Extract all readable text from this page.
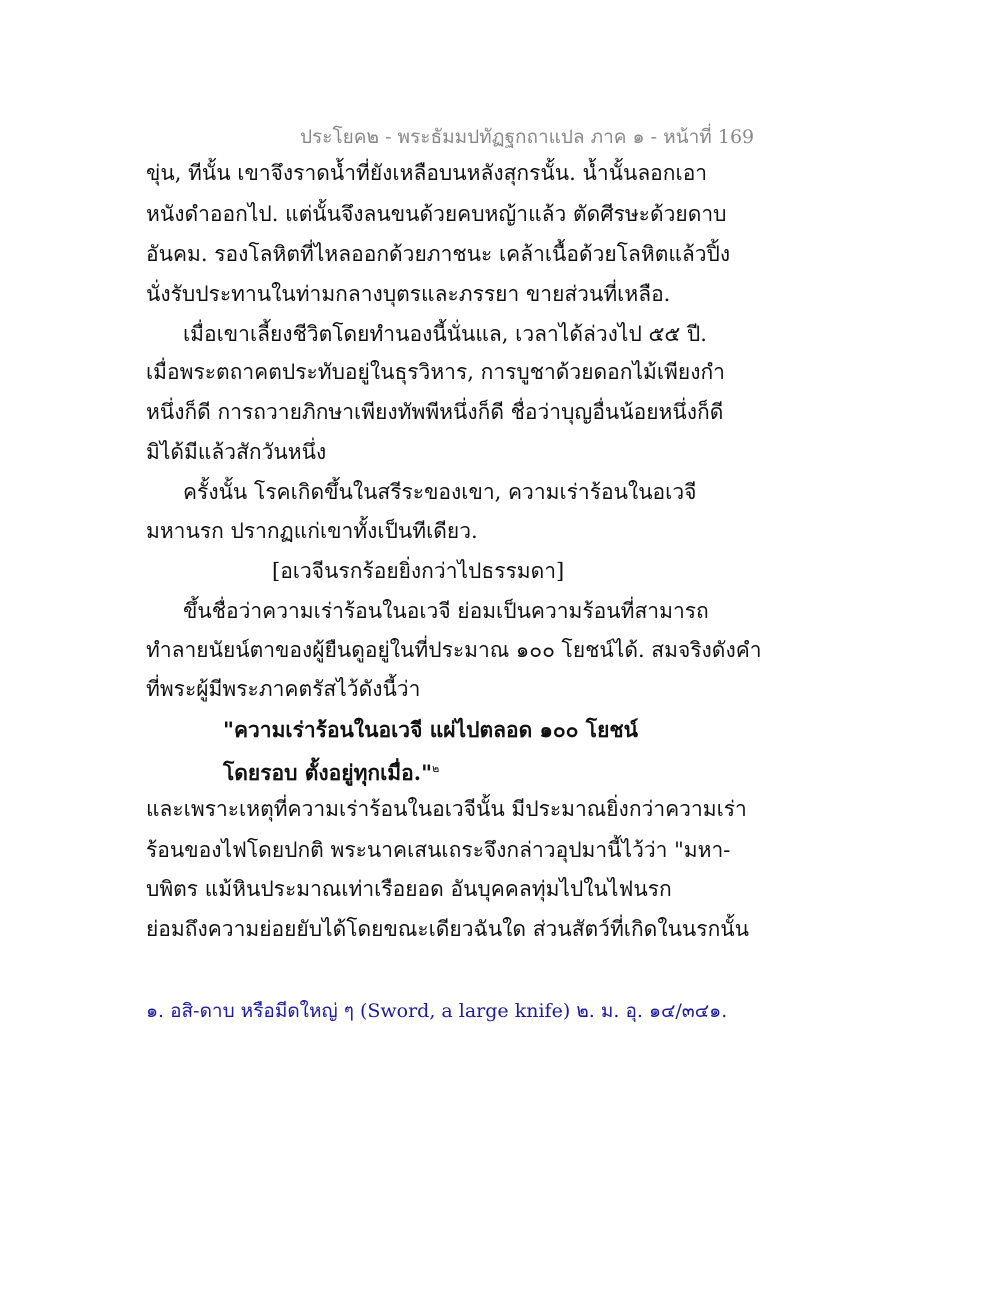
ประโยค๒ - พระธัมมปทัฏฐกถาแปล ภาค ๑ - หน้าที่ 169
ขุ่น, ทีนั้น เขาจึงราดน้ำที่ยังเหลือบนหลังสุกรนั้น. น้ำนั้นลอกเอา
หนังดำออกไป. แต่นั้นจึงลนขนด้วยคบหญ้าแล้ว ตัดศีรษะด้วยดาบ
อันคม. รองโลหิตที่ไหลออกด้วยภาชนะ เคล้าเนื้อด้วยโลหิตแล้วปิ้ง
นั่งรับประทานในท่ามกลางบุตรและภรรยา ขายส่วนที่เหลือ.
เมื่อเขาเลี้ยงชีวิตโดยทำนองนี้นั่นแล, เวลาได้ล่วงไป ๕๕ ปี.
เมื่อพระตถาคตประทับอยู่ในธุรวิหาร, การบูชาด้วยดอกไม้เพียงกำ
หนึ่งก็ดี การถวายภิกษาเพียงทัพพีหนึ่งก็ดี ชื่อว่าบุญอื่นน้อยหนึ่งก็ดี
มิได้มีแล้วสักวันหนึ่ง
ครั้งนั้น โรคเกิดขึ้นในสรีระของเขา, ความเร่าร้อนในอเวจี
มหานรก ปรากฏแก่เขาทั้งเป็นทีเดียว.
[อเวจีนรกร้อยยิ่งกว่าไปธรรมดา]
ขึ้นชื่อว่าความเร่าร้อนในอเวจี ย่อมเป็นความร้อนที่สามารถ
ทำลายนัยน์ตาของผู้ยืนดูอยู่ในที่ประมาณ ๑๐๐ โยชน์ได้. สมจริงดังคำ
ที่พระผู้มีพระภาคตรัสไว้ดังนี้ว่า
"ความเร่าร้อนในอเวจี แผ่ไปตลอด ๑๐๐ โยชน์
โดยรอบ ตั้งอยู่ทุกเมื่อ."$^๒$
และเพราะเหตุที่ความเร่าร้อนในอเวจีนั้น มีประมาณยิ่งกว่าความเร่า
ร้อนของไฟโดยปกติ พระนาคเสนเถระจึงกล่าวอุปมานี้ไว้ว่า "มหา-
บพิตร แม้หินประมาณเท่าเรือยอด อันบุคคลทุ่มไปในไฟนรก
ย่อมถึงความย่อยยับได้โดยขณะเดียวฉันใด ส่วนสัตว์ที่เกิดในนรกนั้น
๑. อสิ-ดาบ หรือมีดใหญ่ ๆ (Sword, a large knife) ๒. ม. อุ. ๑๔/๓๔๑.
